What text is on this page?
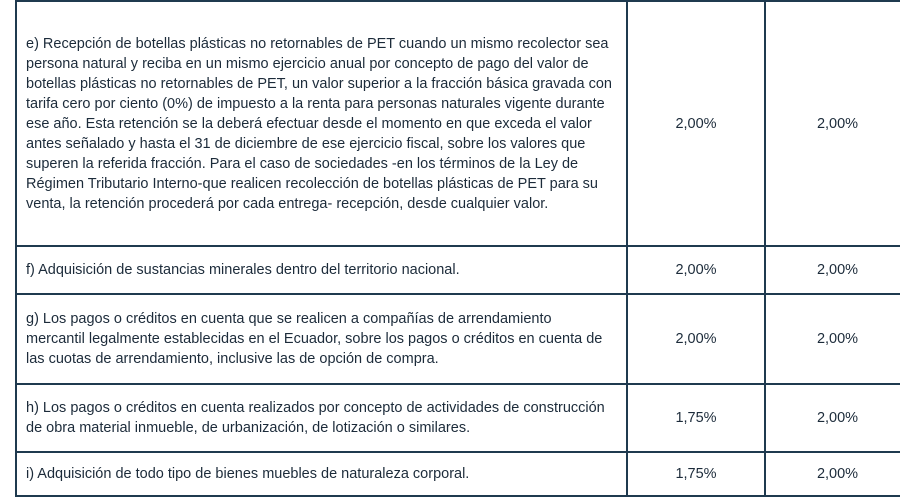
e) Recepción de botellas plásticas no retornables de PET cuando un mismo recolector sea persona natural y reciba en un mismo ejercicio anual por concepto de pago del valor de botellas plásticas no retornables de PET, un valor superior a la fracción básica gravada con tarifa cero por ciento (0%) de impuesto a la renta para personas naturales vigente durante ese año. Esta retención se la deberá efectuar desde el momento en que exceda el valor antes señalado y hasta el 31 de diciembre de ese ejercicio fiscal, sobre los valores que superen la referida fracción. Para el caso de sociedades -en los términos de la Ley de Régimen Tributario Interno-que realicen recolección de botellas plásticas de PET para su venta, la retención procederá por cada entrega- recepción, desde cualquier valor.	2,00%	2,00%
f) Adquisición de sustancias minerales dentro del territorio nacional.	2,00%	2,00%
g) Los pagos o créditos en cuenta que se realicen a compañías de arrendamiento mercantil legalmente establecidas en el Ecuador, sobre los pagos o créditos en cuenta de las cuotas de arrendamiento, inclusive las de opción de compra.	2,00%	2,00%
h) Los pagos o créditos en cuenta realizados por concepto de actividades de construcción de obra material inmueble, de urbanización, de lotización o similares.	1,75%	2,00%
i) Adquisición de todo tipo de bienes muebles de naturaleza corporal.	1,75%	2,00%
